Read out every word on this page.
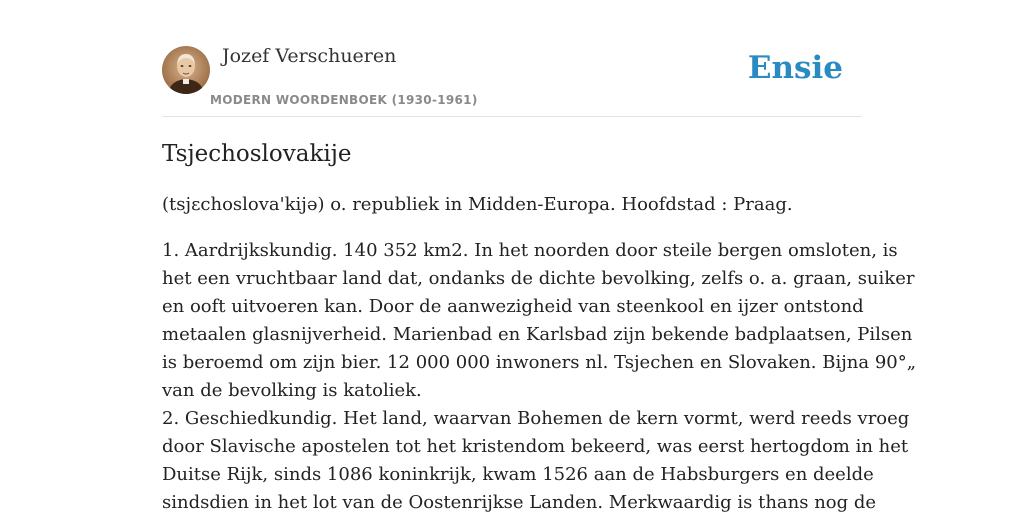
Jozef Verschueren
MODERN WOORDENBOEK (1930-1961)
Ensie
Tsjechoslovakije

(tsjɛchoslova'kijə) o. republiek in Midden-Europa. Hoofdstad : Praag.

1. Aardrijkskundig. 140 352 km2. In het noorden door steile bergen omsloten, is
het een vruchtbaar land dat, ondanks de dichte bevolking, zelfs o. a. graan, suiker
en ooft uitvoeren kan. Door de aanwezigheid van steenkool en ijzer ontstond
metaalen glasnijverheid. Marienbad en Karlsbad zijn bekende badplaatsen, Pilsen
is beroemd om zijn bier. 12 000 000 inwoners nl. Tsjechen en Slovaken. Bijna 90°„
van de bevolking is katoliek.
2. Geschiedkundig. Het land, waarvan Bohemen de kern vormt, werd reeds vroeg
door Slavische apostelen tot het kristendom bekeerd, was eerst hertogdom in het
Duitse Rijk, sinds 1086 koninkrijk, kwam 1526 aan de Habsburgers en deelde
sindsdien in het lot van de Oostenrijkse Landen. Merkwaardig is thans nog de
